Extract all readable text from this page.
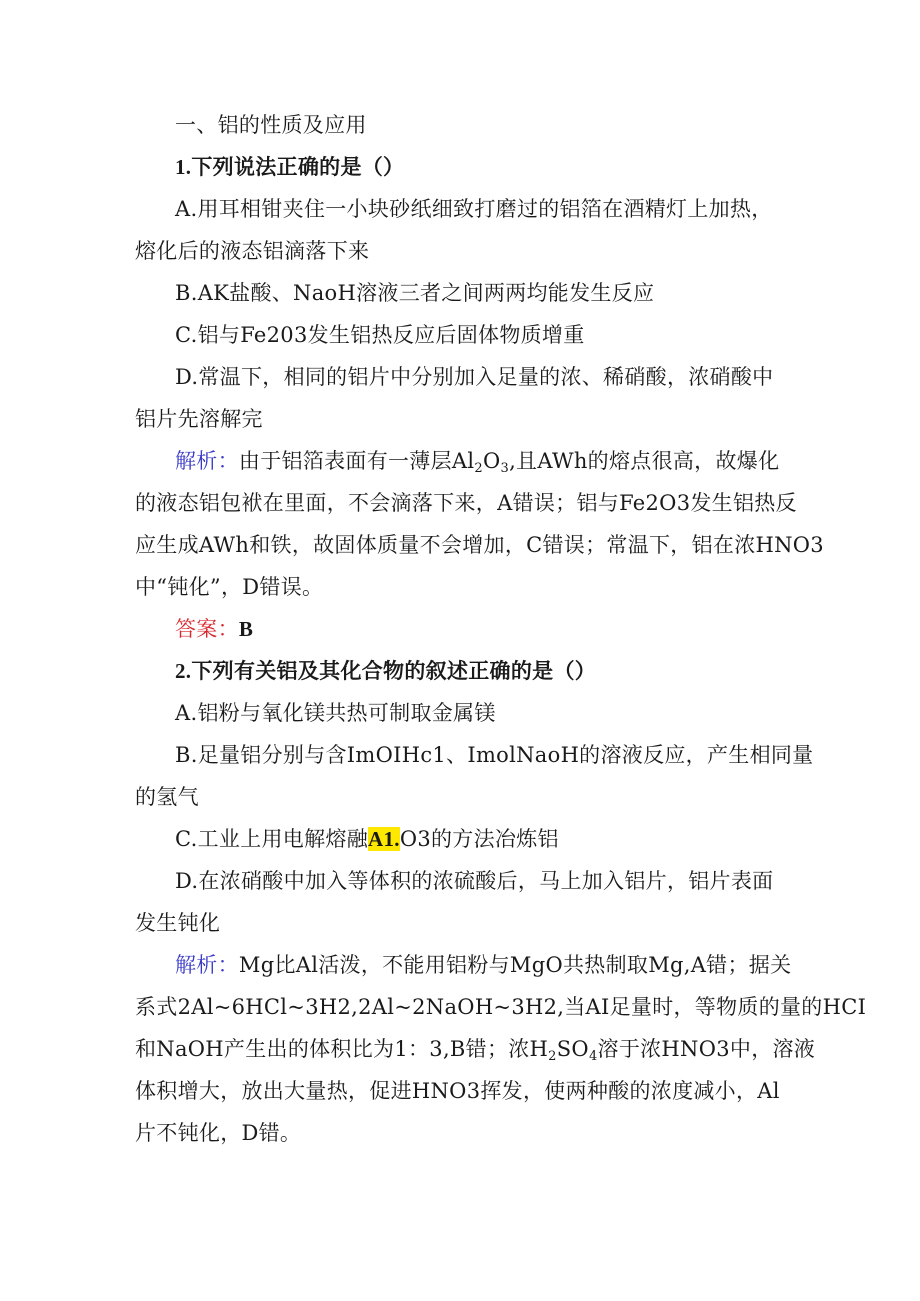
一、铝的性质及应用
1.下列说法正确的是（）
A.用耳相钳夹住一小块砂纸细致打磨过的铝箔在酒精灯上加热，
熔化后的液态铝滴落下来
B.AK盐酸、NaoH溶液三者之间两两均能发生反应
C.铝与Fe203发生铝热反应后固体物质增重
D.常温下，相同的铝片中分别加入足量的浓、稀硝酸，浓硝酸中
铝片先溶解完
解析：由于铝箔表面有一薄层$Al_2O_3$,且AWh的熔点很高，故爆化
的液态铝包袱在里面，不会滴落下来，A错误；铝与Fe2O3发生铝热反
应生成AWh和铁，故固体质量不会增加，C错误；常温下，铝在浓HNO3
中“钝化”，D错误。
答案：B
2.下列有关铝及其化合物的叙述正确的是（）
A.铝粉与氧化镁共热可制取金属镁
B.足量铝分别与含ImOIHc1、ImolNaoH的溶液反应，产生相同量
的氢气
C.工业上用电解熔融A1.O3的方法冶炼铝
D.在浓硝酸中加入等体积的浓硫酸后，马上加入铝片，铝片表面
发生钝化
解析：Mg比Al活泼，不能用铝粉与MgO共热制取Mg,A错；据关
系式2Al~6HCl~3H2,2Al~2NaOH~3H2,当AI足量时，等物质的量的HCI
和NaOH产生出的体积比为1：3,B错；浓$H_2SO_4$溶于浓HNO3中，溶液
体积增大，放出大量热，促进HNO3挥发，使两种酸的浓度减小，Al
片不钝化，D错。
